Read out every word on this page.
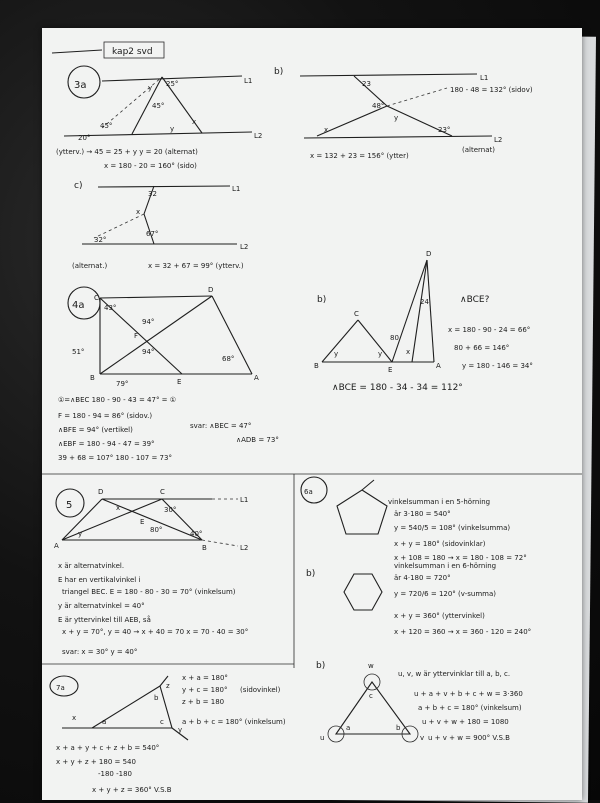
kap2 svd
3a	L1
L2
y 25°
45°
y
x
45°
20°
(ytterv.) → 45 = 25 + y y = 20 (alternat)
x = 180 - 20 = 160° (sido)
b)
L1
L2
23
48°
y
x	23°
180 - 48 = 132° (sidov)
(alternat)
x = 132 + 23 = 156° (ytter)
c)	L1
L2
32
67°
x
32°
(alternat.)	x = 32 + 67 = 99° (ytterv.)
4a
C
D
F
B	E	A
43°
94°
94°
51°
79°
68°
①=∧BEC 180 - 90 - 43 = 47° = ①
F = 180 - 94 = 86° (sidov.)
∧BFE = 94° (vertikel)
∧EBF = 180 - 94 - 47 = 39°
39 + 68 = 107° 180 - 107 = 73°
svar: ∧BEC = 47°
∧ADB = 73°
b)
D
C
B	E	A
24
80
y	y	x
∧BCE?
x = 180 - 90 - 24 = 66°
80 + 66 = 146°
y = 180 - 146 = 34°
∧BCE = 180 - 34 - 34 = 112°
5
D	C
A	B
E
L1
L2
30°
80°	40°
x
y
x är alternatvinkel.
E har en vertikalvinkel i
triangel BEC. E = 180 - 80 - 30 = 70° (vinkelsum)
y är alternatvinkel = 40°
E är yttervinkel till AEB, så
x + y = 70°, y = 40 → x + 40 = 70 x = 70 - 40 = 30°
svar: x = 30° y = 40°
6a
vinkelsumman i en 5-hörning
är 3·180 = 540°
y = 540/5 = 108° (vinkelsumma)
x + y = 180° (sidovinklar)
x + 108 = 180 → x = 180 - 108 = 72°
b)
vinkelsumman i en 6-hörning
är 4·180 = 720°
y = 720/6 = 120° (v-summa)
x + y = 360° (yttervinkel)
x + 120 = 360 → x = 360 - 120 = 240°
7a
x	a
b
c
y
z
x + a = 180°
y + c = 180°
z + b = 180
(sidovinkel)
a + b + c = 180° (vinkelsum)
x + a + y + c + z + b = 540°
x + y + z + 180 = 540
-180 -180
x + y + z = 360° V.S.B
b)	w
c
a	b
u	v
u, v, w är yttervinklar till a, b, c.
u + a + v + b + c + w = 3·360
a + b + c = 180° (vinkelsum)
u + v + w + 180 = 1080
u + v + w = 900° V.S.B
